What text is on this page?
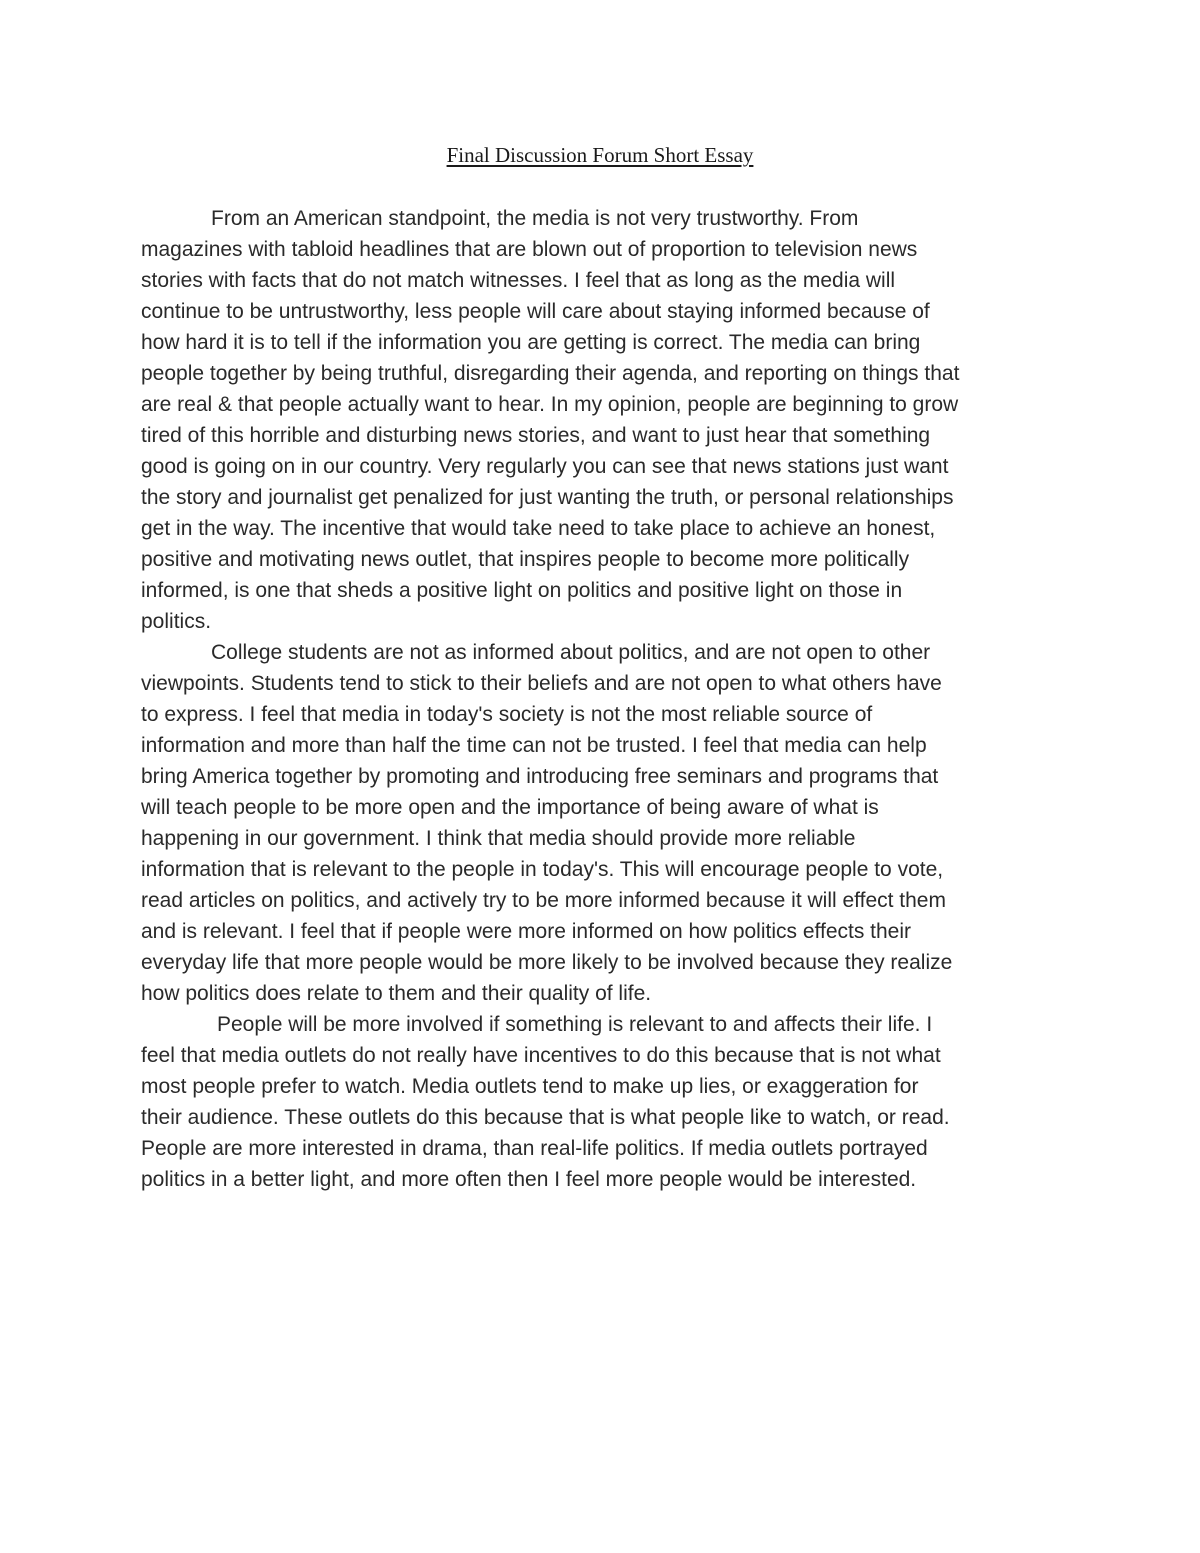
Final Discussion Forum Short Essay
From an American standpoint, the media is not very trustworthy. From
magazines with tabloid headlines that are blown out of proportion to television news
stories with facts that do not match witnesses. I feel that as long as the media will
continue to be untrustworthy, less people will care about staying informed because of
how hard it is to tell if the information you are getting is correct. The media can bring
people together by being truthful, disregarding their agenda, and reporting on things that
are real & that people actually want to hear. In my opinion, people are beginning to grow
tired of this horrible and disturbing news stories, and want to just hear that something
good is going on in our country. Very regularly you can see that news stations just want
the story and journalist get penalized for just wanting the truth, or personal relationships
get in the way. The incentive that would take need to take place to achieve an honest,
positive and motivating news outlet, that inspires people to become more politically
informed, is one that sheds a positive light on politics and positive light on those in
politics.
College students are not as informed about politics, and are not open to other
viewpoints. Students tend to stick to their beliefs and are not open to what others have
to express. I feel that media in today's society is not the most reliable source of
information and more than half the time can not be trusted. I feel that media can help
bring America together by promoting and introducing free seminars and programs that
will teach people to be more open and the importance of being aware of what is
happening in our government. I think that media should provide more reliable
information that is relevant to the people in today's. This will encourage people to vote,
read articles on politics, and actively try to be more informed because it will effect them
and is relevant. I feel that if people were more informed on how politics effects their
everyday life that more people would be more likely to be involved because they realize
how politics does relate to them and their quality of life.
People will be more involved if something is relevant to and affects their life. I
feel that media outlets do not really have incentives to do this because that is not what
most people prefer to watch. Media outlets tend to make up lies, or exaggeration for
their audience. These outlets do this because that is what people like to watch, or read.
People are more interested in drama, than real-life politics. If media outlets portrayed
politics in a better light, and more often then I feel more people would be interested.
